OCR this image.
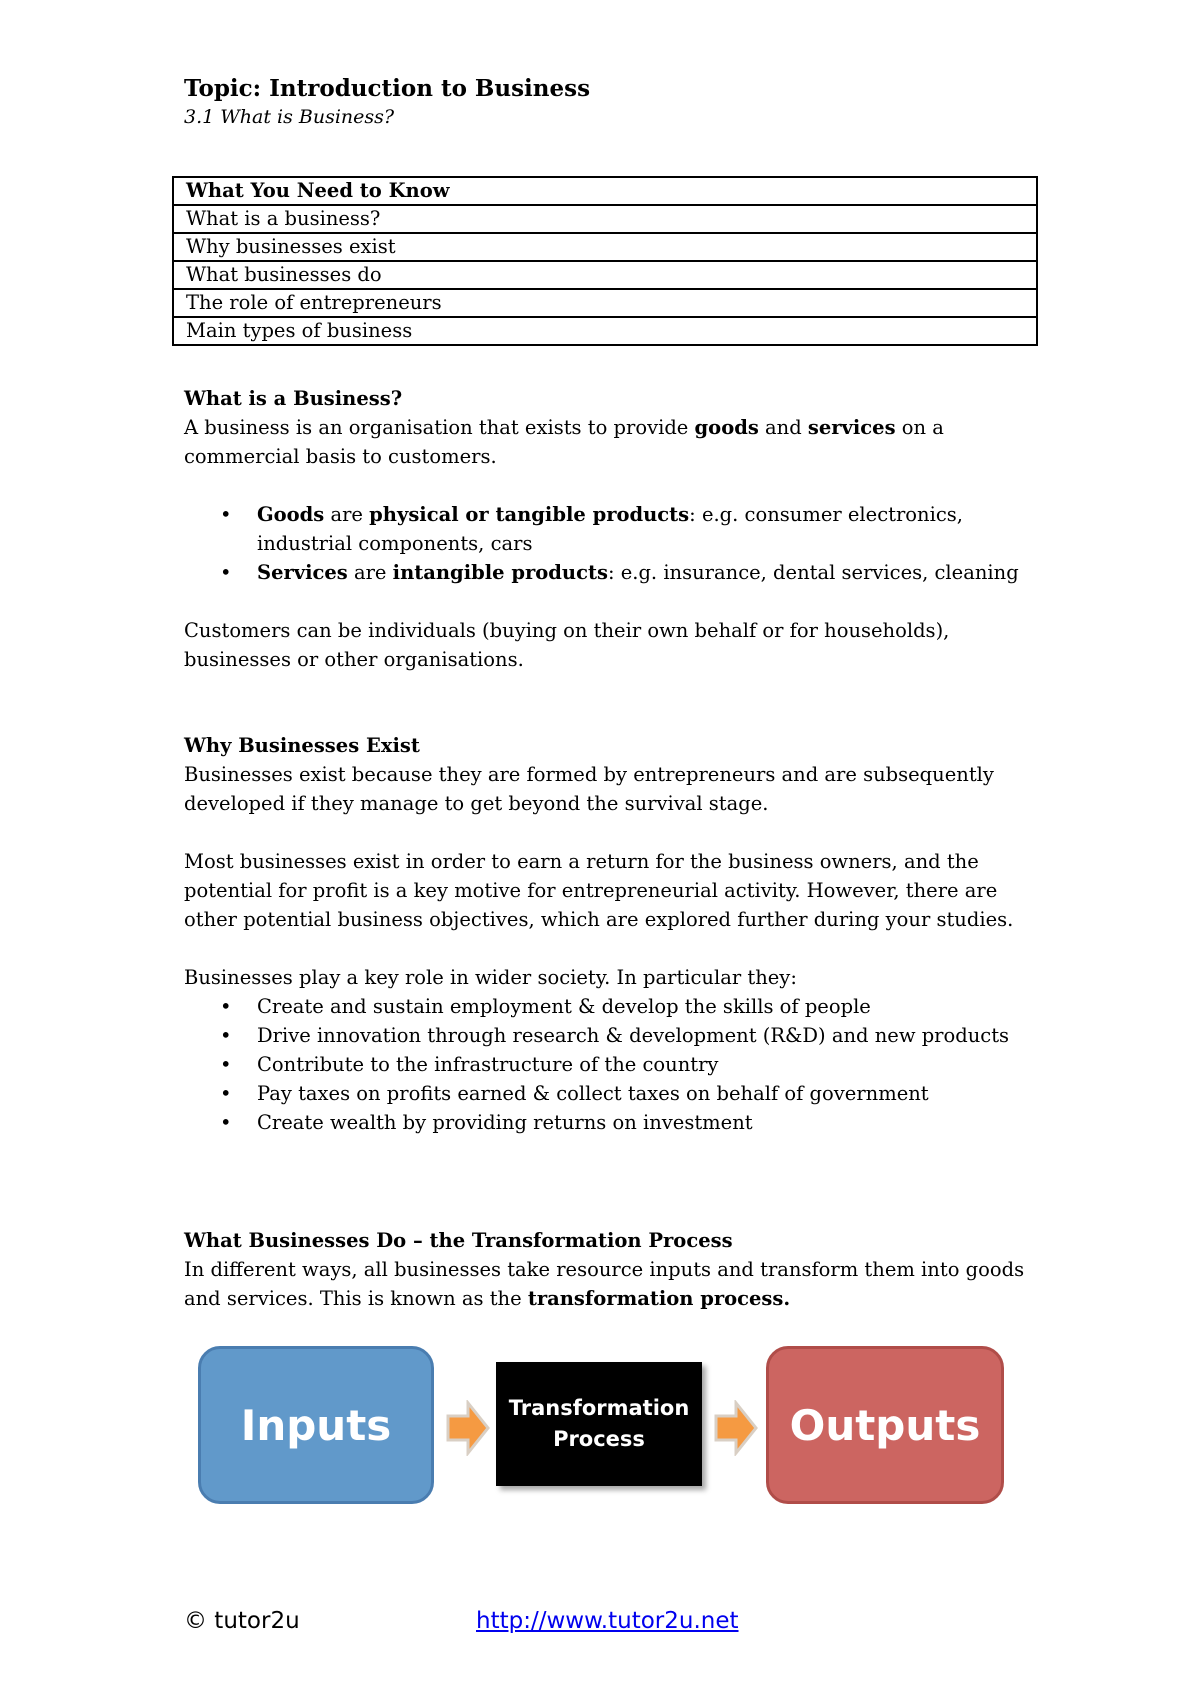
Topic: Introduction to Business

3.1 What is Business?

What You Need to Know
What is a business?
Why businesses exist
What businesses do
The role of entrepreneurs
Main types of business
What is a Business?

A business is an organisation that exists to provide goods and services on a commercial basis to customers.

• Goods are physical or tangible products: e.g. consumer electronics, industrial components, cars
• Services are intangible products: e.g. insurance, dental services, cleaning

Customers can be individuals (buying on their own behalf or for households), businesses or other organisations.

Why Businesses Exist

Businesses exist because they are formed by entrepreneurs and are subsequently developed if they manage to get beyond the survival stage.

Most businesses exist in order to earn a return for the business owners, and the potential for profit is a key motive for entrepreneurial activity. However, there are other potential business objectives, which are explored further during your studies.

Businesses play a key role in wider society. In particular they:

• Create and sustain employment & develop the skills of people
• Drive innovation through research & development (R&D) and new products
• Contribute to the infrastructure of the country
• Pay taxes on profits earned & collect taxes on behalf of government
• Create wealth by providing returns on investment
What Businesses Do – the Transformation Process

In different ways, all businesses take resource inputs and transform them into goods and services. This is known as the transformation process.

Inputs	Transformation
Process	Outputs
© tutor2u	http://www.tutor2u.net
